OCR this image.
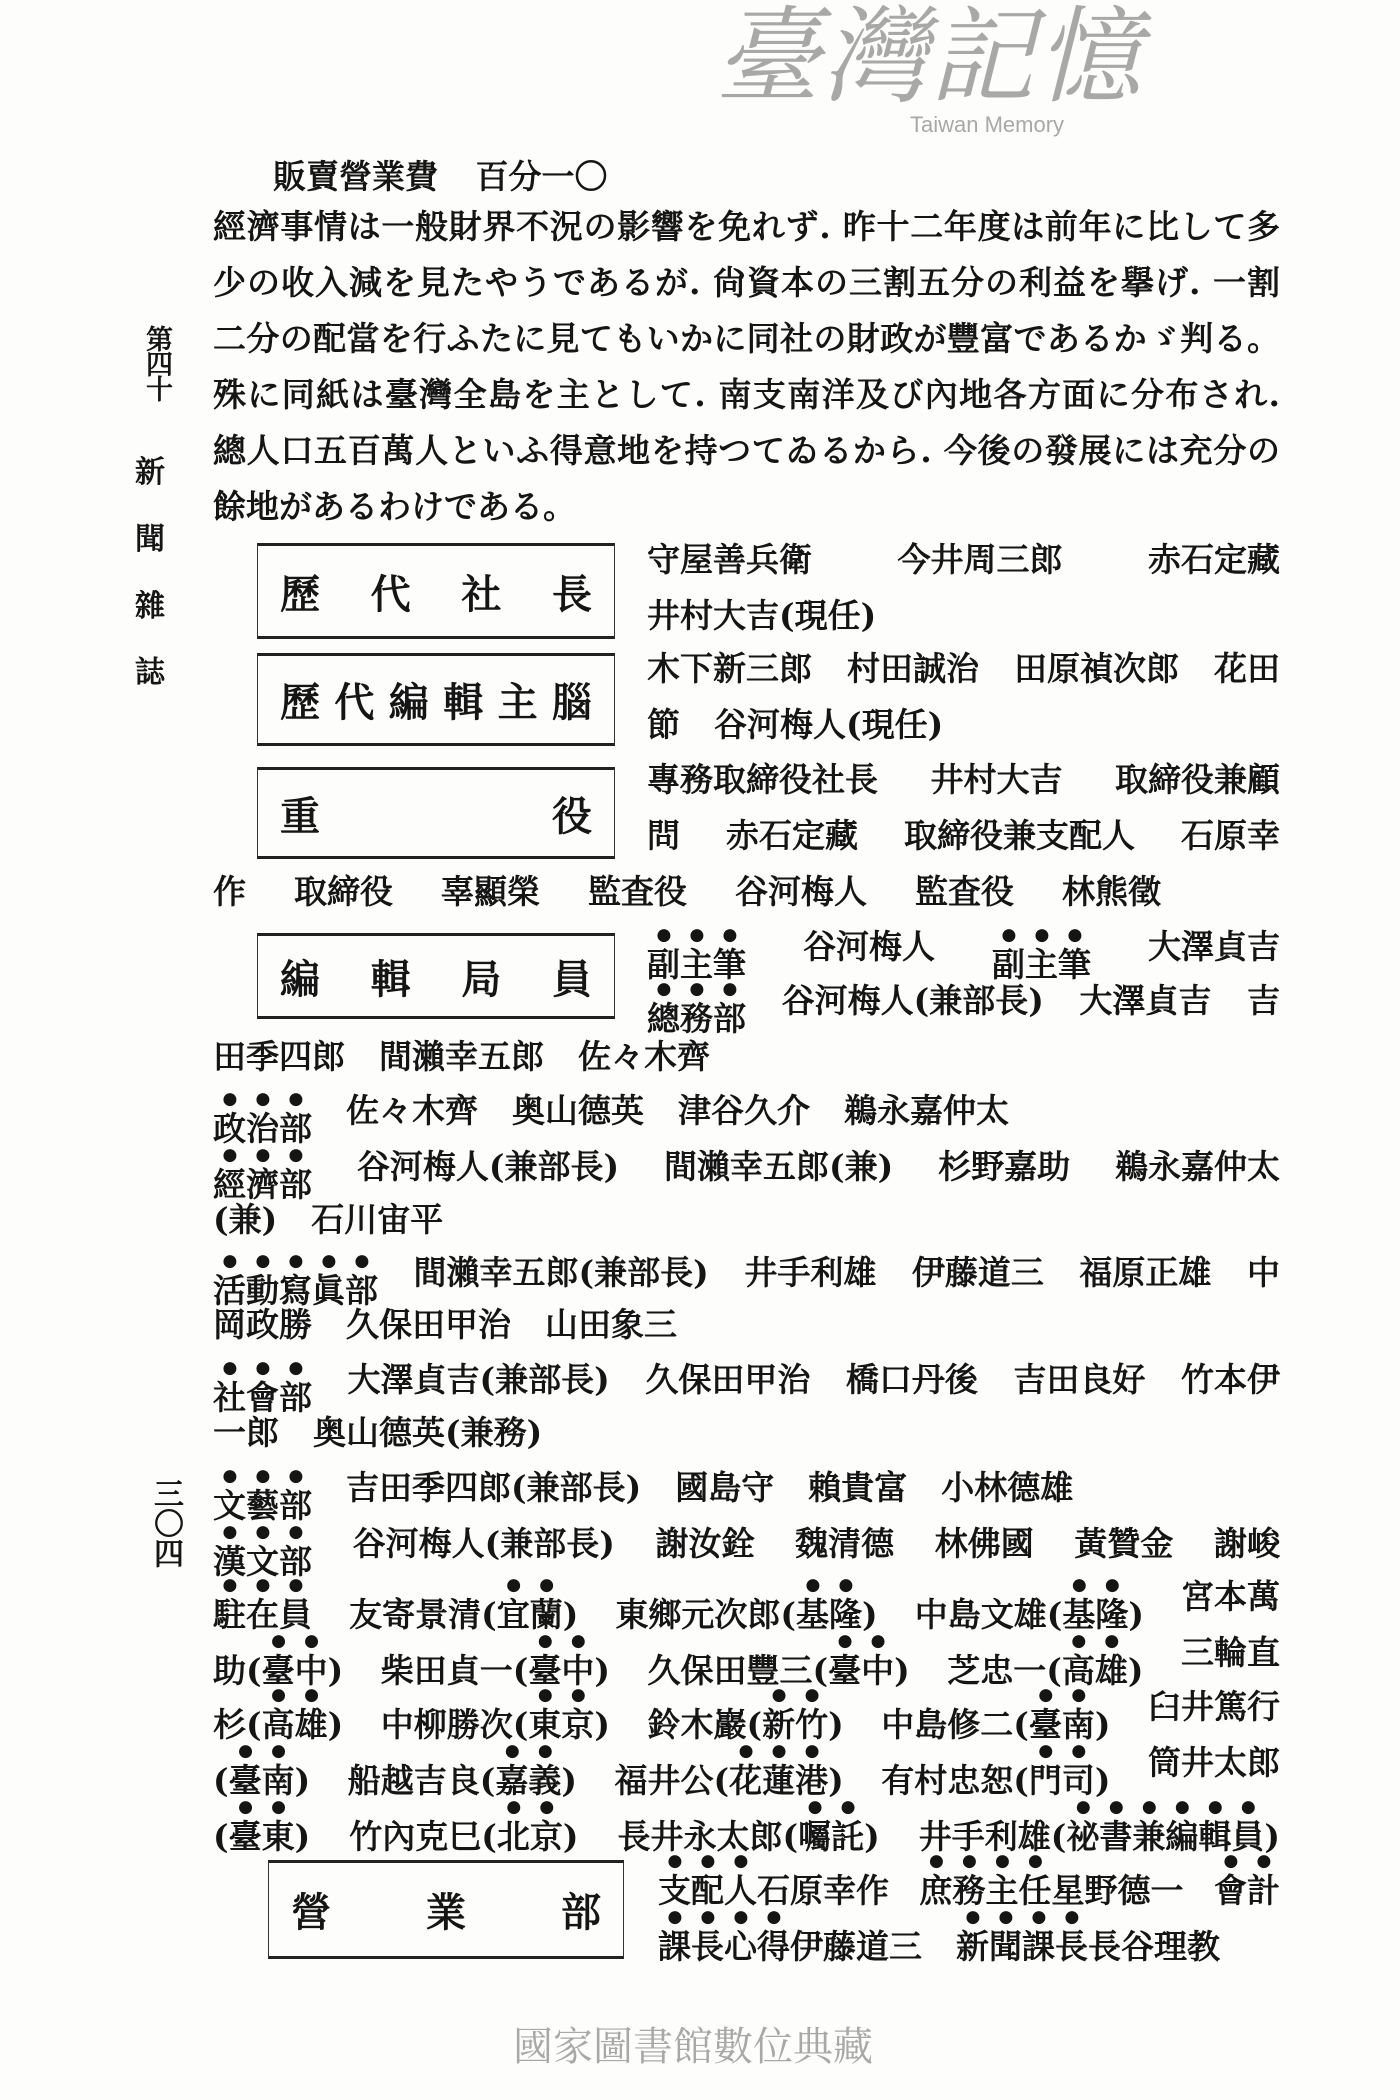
販賣營業費 百分一〇
經濟事情は一般財界不況の影響を免れず. 昨十二年度は前年に比して多
少の收入減を見たやうであるが. 尙資本の三割五分の利益を擧げ. 一割
二分の配當を行ふたに見てもいかに同社の財政が豐富であるかゞ判る。
殊に同紙は臺灣全島を主として. 南支南洋及び內地各方面に分布され.
總人口五百萬人といふ得意地を持つてゐるから. 今後の發展には充分の
餘地があるわけである。
第四十
新
聞
雜
誌
三〇四
歷代社長
守屋善兵衛	今井周三郎	赤石定藏
井村大吉(現任)
歷代編輯主腦
木下新三郎 村田誠治 田原禎次郎 花田
節 谷河梅人(現任)
重役
專務取締役社長 井村大吉 取締役兼顧
問 赤石定藏 取締役兼支配人 石原幸
編輯局員 副主筆 谷河梅人 副主筆 大澤貞吉
總務部 谷河梅人(兼部長) 大澤貞吉 吉
營業部 支配人石原幸作 庶務主任星野德一 會計
課長心得伊藤道三 新聞課長長谷理教
作 取締役 辜顯榮 監査役 谷河梅人 監査役 林熊徵
田季四郎 間瀨幸五郎 佐々木齊
政治部 佐々木齊 奥山德英 津谷久介 鵜永嘉仲太
經濟部 谷河梅人(兼部長) 間瀨幸五郎(兼) 杉野嘉助 鵜永嘉仲太
(兼) 石川宙平
活動寫眞部 間瀨幸五郎(兼部長) 井手利雄 伊藤道三 福原正雄 中
岡政勝 久保田甲治 山田象三
社會部 大澤貞吉(兼部長) 久保田甲治 橋口丹後 吉田良好 竹本伊
一郎 奥山德英(兼務)
文藝部 吉田季四郎(兼部長) 國島守 賴貴富 小林德雄
漢文部 谷河梅人(兼部長) 謝汝銓 魏清德 林佛國 黃贊金 謝峻
駐在員 友寄景清(宜蘭) 東鄉元次郎(基隆) 中島文雄(基隆) 宮本萬
助(臺中) 柴田貞一(臺中) 久保田豐三(臺中) 芝忠一(高雄) 三輪直
杉(高雄) 中柳勝次(東京) 鈴木巖(新竹) 中島修二(臺南) 臼井篤行
(臺南) 船越吉良(嘉義) 福井公(花蓮港) 有村忠恕(門司) 筒井太郎
(臺東) 竹內克巳(北京) 長井永太郎(囑託) 井手利雄(祕書兼編輯員)
臺灣記憶
Taiwan Memory
國家圖書館數位典藏
